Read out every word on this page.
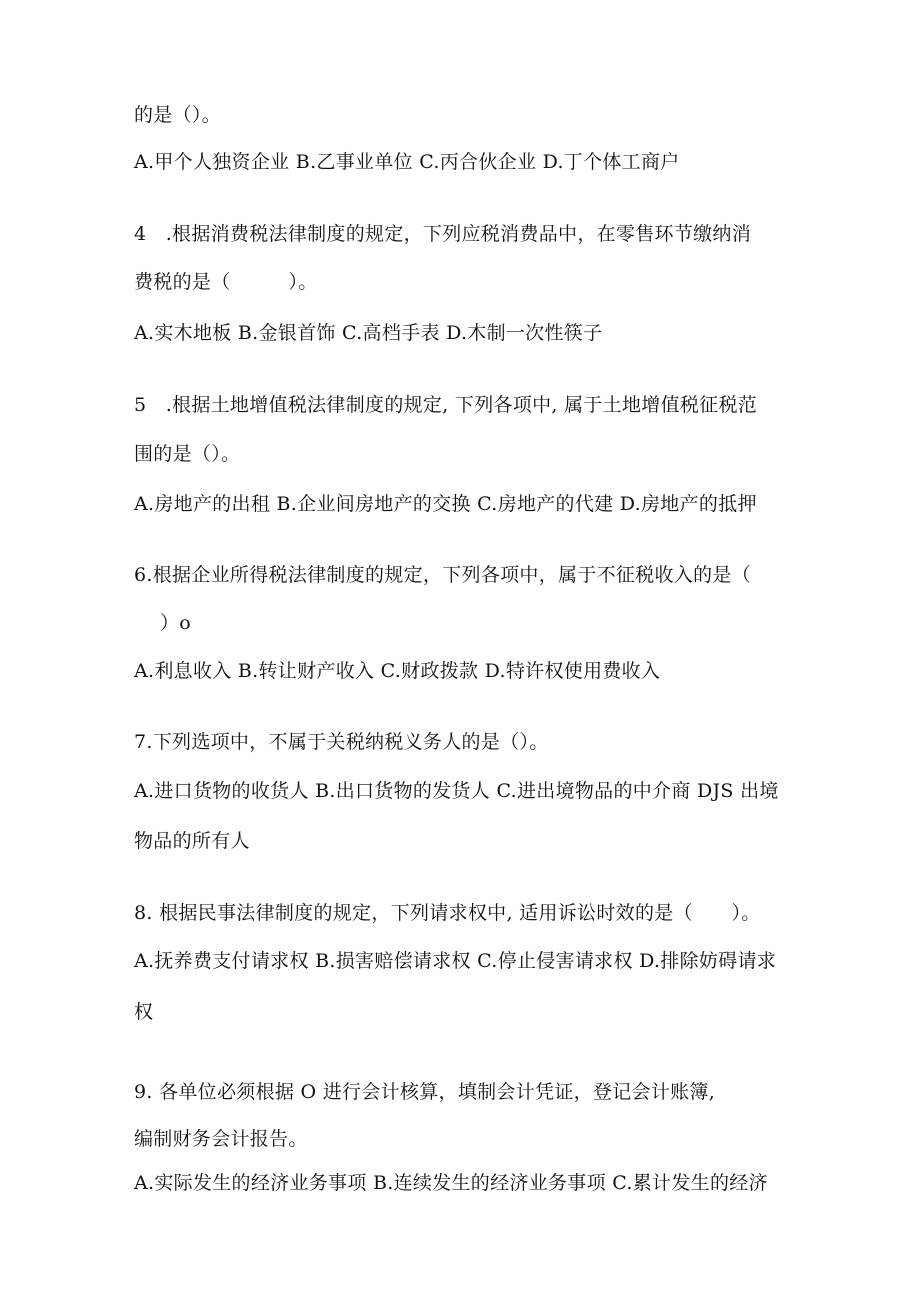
的是（）。
A.甲个人独资企业 B.乙事业单位 C.丙合伙企业 D.丁个体工商户
4　.根据消费税法律制度的规定，下列应税消费品中，在零售环节缴纳消
费税的是（　　　）。
A.实木地板 B.金银首饰 C.高档手表 D.木制一次性筷子
5　.根据土地增值税法律制度的规定, 下列各项中, 属于土地增值税征税范
围的是（）。
A.房地产的出租 B.企业间房地产的交换 C.房地产的代建 D.房地产的抵押
6.根据企业所得税法律制度的规定，下列各项中，属于不征税收入的是（
）o
A.利息收入 B.转让财产收入 C.财政拨款 D.特许权使用费收入
7.下列选项中，不属于关税纳税义务人的是（）。
A.进口货物的收货人 B.出口货物的发货人 C.进出境物品的中介商 DJS 出境
物品的所有人
8. 根据民事法律制度的规定，下列请求权中, 适用诉讼时效的是（　　）。
A.抚养费支付请求权 B.损害赔偿请求权 C.停止侵害请求权 D.排除妨碍请求
权
9. 各单位必须根据 O 进行会计核算，填制会计凭证，登记会计账簿,
编制财务会计报告。
A.实际发生的经济业务事项 B.连续发生的经济业务事项 C.累计发生的经济
